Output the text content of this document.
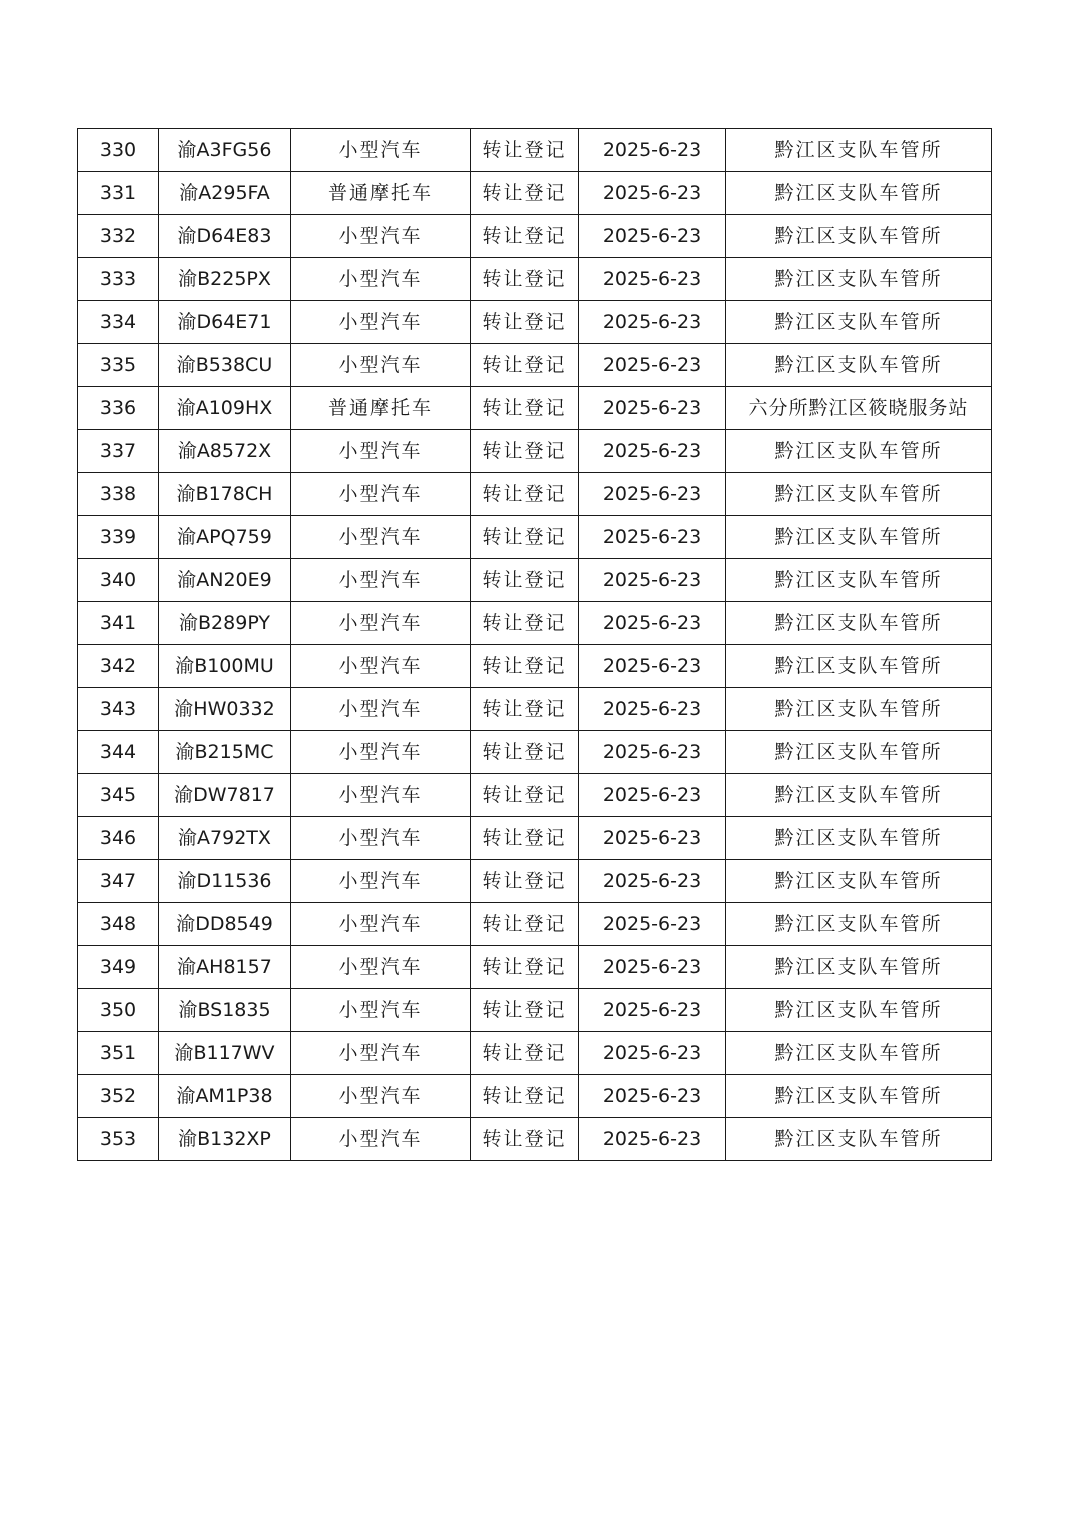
330	渝A3FG56	小型汽车	转让登记	2025-6-23	黔江区支队车管所
331	渝A295FA	普通摩托车	转让登记	2025-6-23	黔江区支队车管所
332	渝D64E83	小型汽车	转让登记	2025-6-23	黔江区支队车管所
333	渝B225PX	小型汽车	转让登记	2025-6-23	黔江区支队车管所
334	渝D64E71	小型汽车	转让登记	2025-6-23	黔江区支队车管所
335	渝B538CU	小型汽车	转让登记	2025-6-23	黔江区支队车管所
336	渝A109HX	普通摩托车	转让登记	2025-6-23	六分所黔江区筱晓服务站
337	渝A8572X	小型汽车	转让登记	2025-6-23	黔江区支队车管所
338	渝B178CH	小型汽车	转让登记	2025-6-23	黔江区支队车管所
339	渝APQ759	小型汽车	转让登记	2025-6-23	黔江区支队车管所
340	渝AN20E9	小型汽车	转让登记	2025-6-23	黔江区支队车管所
341	渝B289PY	小型汽车	转让登记	2025-6-23	黔江区支队车管所
342	渝B100MU	小型汽车	转让登记	2025-6-23	黔江区支队车管所
343	渝HW0332	小型汽车	转让登记	2025-6-23	黔江区支队车管所
344	渝B215MC	小型汽车	转让登记	2025-6-23	黔江区支队车管所
345	渝DW7817	小型汽车	转让登记	2025-6-23	黔江区支队车管所
346	渝A792TX	小型汽车	转让登记	2025-6-23	黔江区支队车管所
347	渝D11536	小型汽车	转让登记	2025-6-23	黔江区支队车管所
348	渝DD8549	小型汽车	转让登记	2025-6-23	黔江区支队车管所
349	渝AH8157	小型汽车	转让登记	2025-6-23	黔江区支队车管所
350	渝BS1835	小型汽车	转让登记	2025-6-23	黔江区支队车管所
351	渝B117WV	小型汽车	转让登记	2025-6-23	黔江区支队车管所
352	渝AM1P38	小型汽车	转让登记	2025-6-23	黔江区支队车管所
353	渝B132XP	小型汽车	转让登记	2025-6-23	黔江区支队车管所
